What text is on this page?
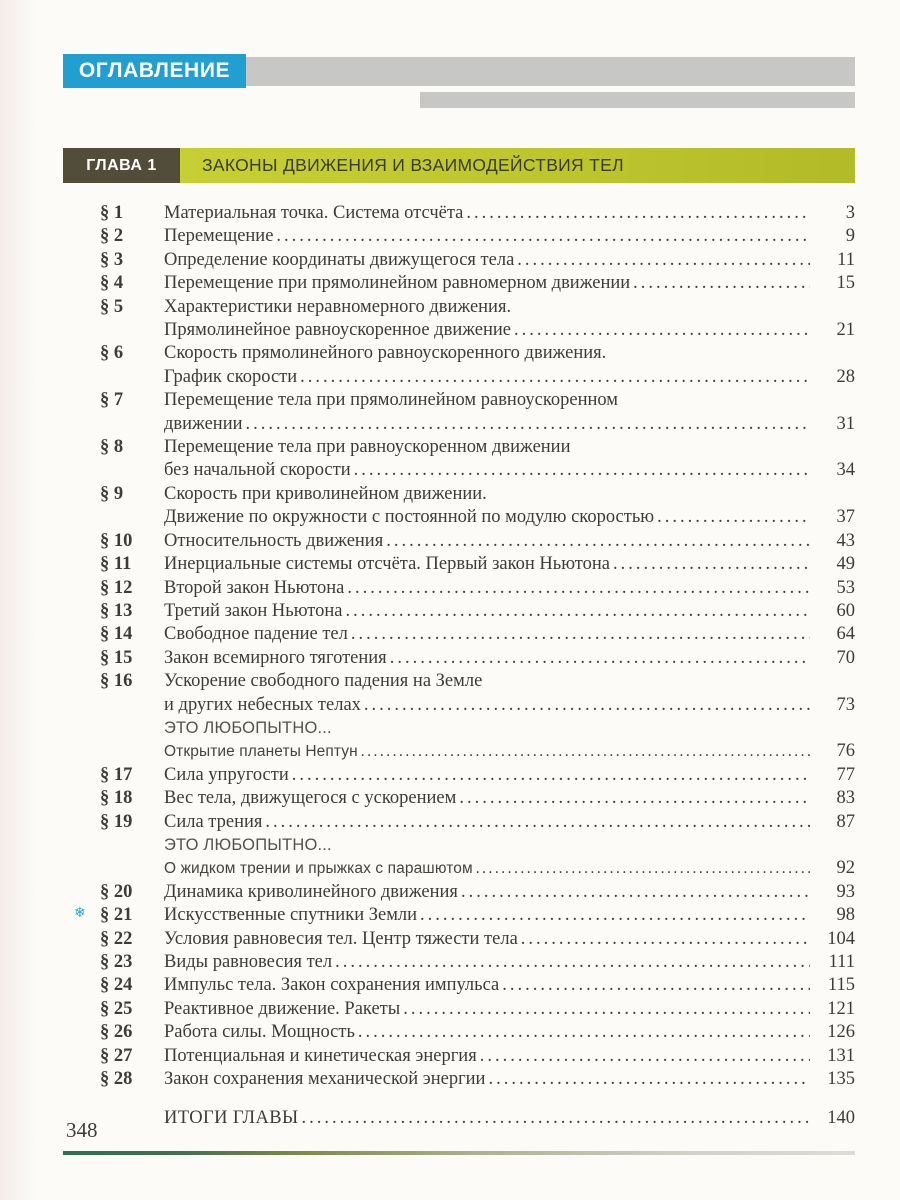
ОГЛАВЛЕНИЕ
ГЛАВА 1	ЗАКОНЫ ДВИЖЕНИЯ И ВЗАИМОДЕЙСТВИЯ ТЕЛ
§ 1	Материальная точка. Система отсчёта .....	3
§ 2	Перемещение .....	9
§ 3	Определение координаты движущегося тела .....	11
§ 4	Перемещение при прямолинейном равномерном движении .....	15
§ 5	Характеристики неравномерного движения.
Прямолинейное равноускоренное движение .....	21
§ 6	Скорость прямолинейного равноускоренного движения.
График скорости .....	28
§ 7	Перемещение тела при прямолинейном равноускоренном
движении .....	31
§ 8	Перемещение тела при равноускоренном движении
без начальной скорости .....	34
§ 9	Скорость при криволинейном движении.
Движение по окружности с постоянной по модулю скоростью .....	37
§ 10	Относительность движения .....	43
§ 11	Инерциальные системы отсчёта. Первый закон Ньютона .....	49
§ 12	Второй закон Ньютона .....	53
§ 13	Третий закон Ньютона .....	60
§ 14	Свободное падение тел .....	64
§ 15	Закон всемирного тяготения .....	70
§ 16	Ускорение свободного падения на Земле
и других небесных телах .....	73
ЭТО ЛЮБОПЫТНО...
Открытие планеты Нептун .....	76
§ 17	Сила упругости .....	77
§ 18	Вес тела, движущегося с ускорением .....	83
§ 19	Сила трения .....	87
ЭТО ЛЮБОПЫТНО...
О жидком трении и прыжках с парашютом .....	92
§ 20	Динамика криволинейного движения .....	93
❄ § 21	Искусственные спутники Земли .....	98
§ 22	Условия равновесия тел. Центр тяжести тела .....	104
§ 23	Виды равновесия тел .....	111
§ 24	Импульс тела. Закон сохранения импульса .....	115
§ 25	Реактивное движение. Ракеты .....	121
§ 26	Работа силы. Мощность .....	126
§ 27	Потенциальная и кинетическая энергия .....	131
§ 28	Закон сохранения механической энергии .....	135
ИТОГИ ГЛАВЫ .....	140
348
